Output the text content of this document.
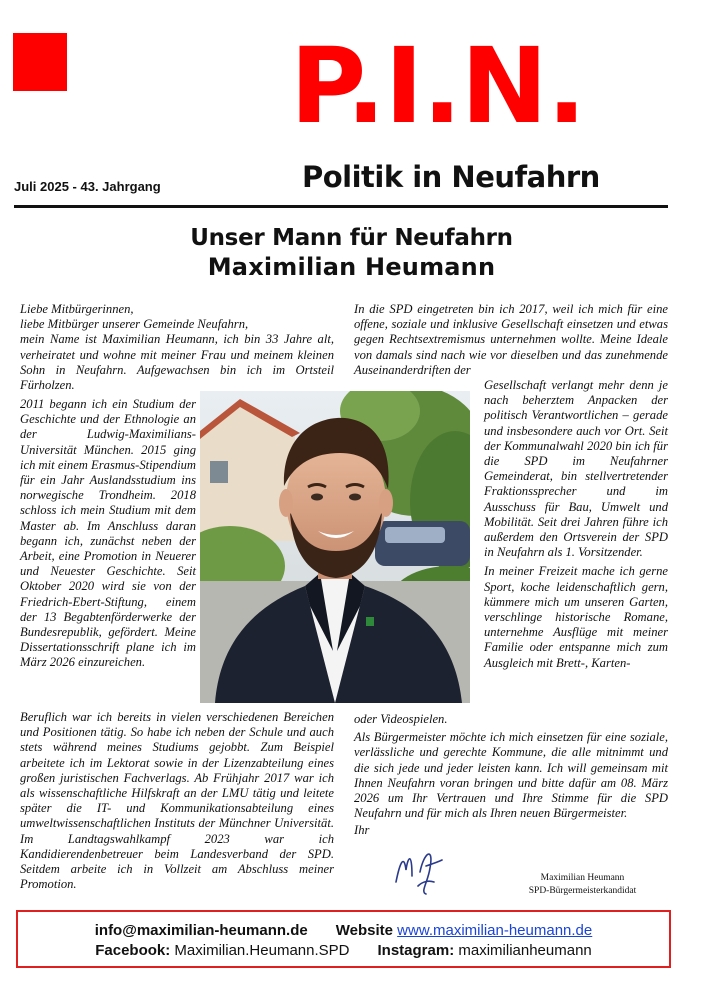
P.I.N.
Juli 2025 - 43. Jahrgang	Politik in Neufahrn
Unser Mann für Neufahrn
Maximilian Heumann

Liebe Mitbürgerinnen,

liebe Mitbürger unserer Gemeinde Neufahrn,

mein Name ist Maximilian Heumann, ich bin 33 Jahre alt, verheiratet und wohne mit meiner Frau und meinem kleinen Sohn in Neufahrn. Aufgewachsen bin ich im Ortsteil Fürholzen.

2011 begann ich ein Studium der Geschichte und der Ethnologie an der Ludwig-Maximilians-Universität München. 2015 ging ich mit einem Erasmus-Stipendium für ein Jahr Auslandsstudium ins norwegische Trondheim. 2018 schloss ich mein Studium mit dem Master ab. Im Anschluss daran begann ich, zunächst neben der Arbeit, eine Promotion in Neuerer und Neuester Geschichte. Seit Oktober 2020 wird sie von der Friedrich-Ebert-Stiftung, einem der 13 Begabtenförderwerke der Bundesrepublik, gefördert. Meine Dissertationsschrift plane ich im März 2026 einzureichen.
Beruflich war ich bereits in vielen verschiedenen Bereichen und Positionen tätig. So habe ich neben der Schule und auch stets während meines Studiums gejobbt. Zum Beispiel arbeitete ich im Lektorat sowie in der Lizenzabteilung eines großen juristischen Fachverlags. Ab Frühjahr 2017 war ich als wissenschaftliche Hilfskraft an der LMU tätig und leitete später die IT- und Kommunikationsabteilung eines umweltwissenschaftlichen Instituts der Münchner Universität. Im Landtagswahlkampf 2023 war ich Kandidierendenbetreuer beim Landesverband der SPD. Seitdem arbeite ich in Vollzeit am Abschluss meiner Promotion.
In die SPD eingetreten bin ich 2017, weil ich mich für eine offene, soziale und inklusive Gesellschaft einsetzen und etwas gegen Rechtsextremismus unternehmen wollte. Meine Ideale von damals sind nach wie vor dieselben und das zunehmende Auseinanderdriften der

Gesellschaft verlangt mehr denn je nach beherztem Anpacken der politisch Verantwortlichen – gerade und insbesondere auch vor Ort. Seit der Kommunalwahl 2020 bin ich für die SPD im Neufahrner Gemeinderat, bin stellvertretender Fraktionssprecher und im Ausschuss für Bau, Umwelt und Mobilität. Seit drei Jahren führe ich außerdem den Ortsverein der SPD in Neufahrn als 1. Vorsitzender.

In meiner Freizeit mache ich gerne Sport, koche leidenschaftlich gern, kümmere mich um unseren Garten, verschlinge historische Romane, unternehme Ausflüge mit meiner Familie oder entspanne mich zum Ausgleich mit Brett-, Karten-

oder Videospielen.

Als Bürgermeister möchte ich mich einsetzen für eine soziale, verlässliche und gerechte Kommune, die alle mitnimmt und die sich jede und jeder leisten kann. Ich will gemeinsam mit Ihnen Neufahrn voran bringen und bitte dafür am 08. März 2026 um Ihr Vertrauen und Ihre Stimme für die SPD Neufahrn und für mich als Ihren neuen Bürgermeister.

Ihr

Maximilian Heumann
SPD-Bürgermeisterkandidat
info@maximilian-heumann.de Website www.maximilian-heumann.de
Facebook: Maximilian.Heumann.SPD Instagram: maximilianheumann
